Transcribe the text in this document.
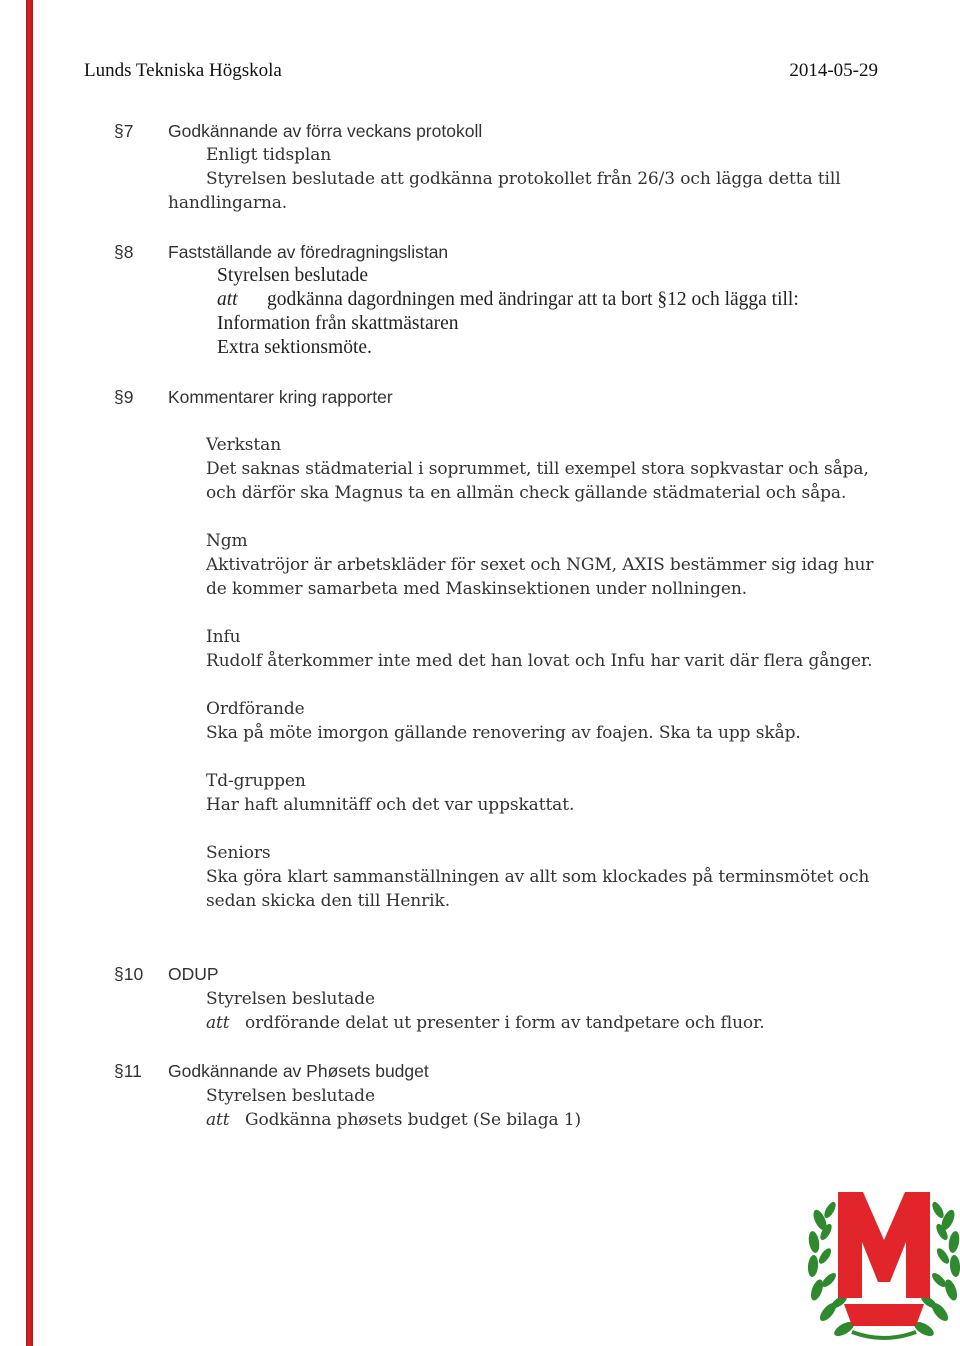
Lunds Tekniska Högskola	2014-05-29
§7 Godkännande av förra veckans protokoll
Enligt tidsplan
Styrelsen beslutade att godkänna protokollet från 26/3 och lägga detta till
handlingarna.
§8 Fastställande av föredragningslistan
Styrelsen beslutade
att godkänna dagordningen med ändringar att ta bort §12 och lägga till:
Information från skattmästaren
Extra sektionsmöte.
§9 Kommentarer kring rapporter
Verkstan
Det saknas städmaterial i soprummet, till exempel stora sopkvastar och såpa,
och därför ska Magnus ta en allmän check gällande städmaterial och såpa.
Ngm
Aktivatröjor är arbetskläder för sexet och NGM, AXIS bestämmer sig idag hur
de kommer samarbeta med Maskinsektionen under nollningen.
Infu
Rudolf återkommer inte med det han lovat och Infu har varit där flera gånger.
Ordförande
Ska på möte imorgon gällande renovering av foajen. Ska ta upp skåp.
Td-gruppen
Har haft alumnitäff och det var uppskattat.
Seniors
Ska göra klart sammanställningen av allt som klockades på terminsmötet och
sedan skicka den till Henrik.
§10 ODUP
Styrelsen beslutade
att ordförande delat ut presenter i form av tandpetare och fluor.
§11 Godkännande av Phøsets budget
Styrelsen beslutade
att Godkänna phøsets budget (Se bilaga 1)
